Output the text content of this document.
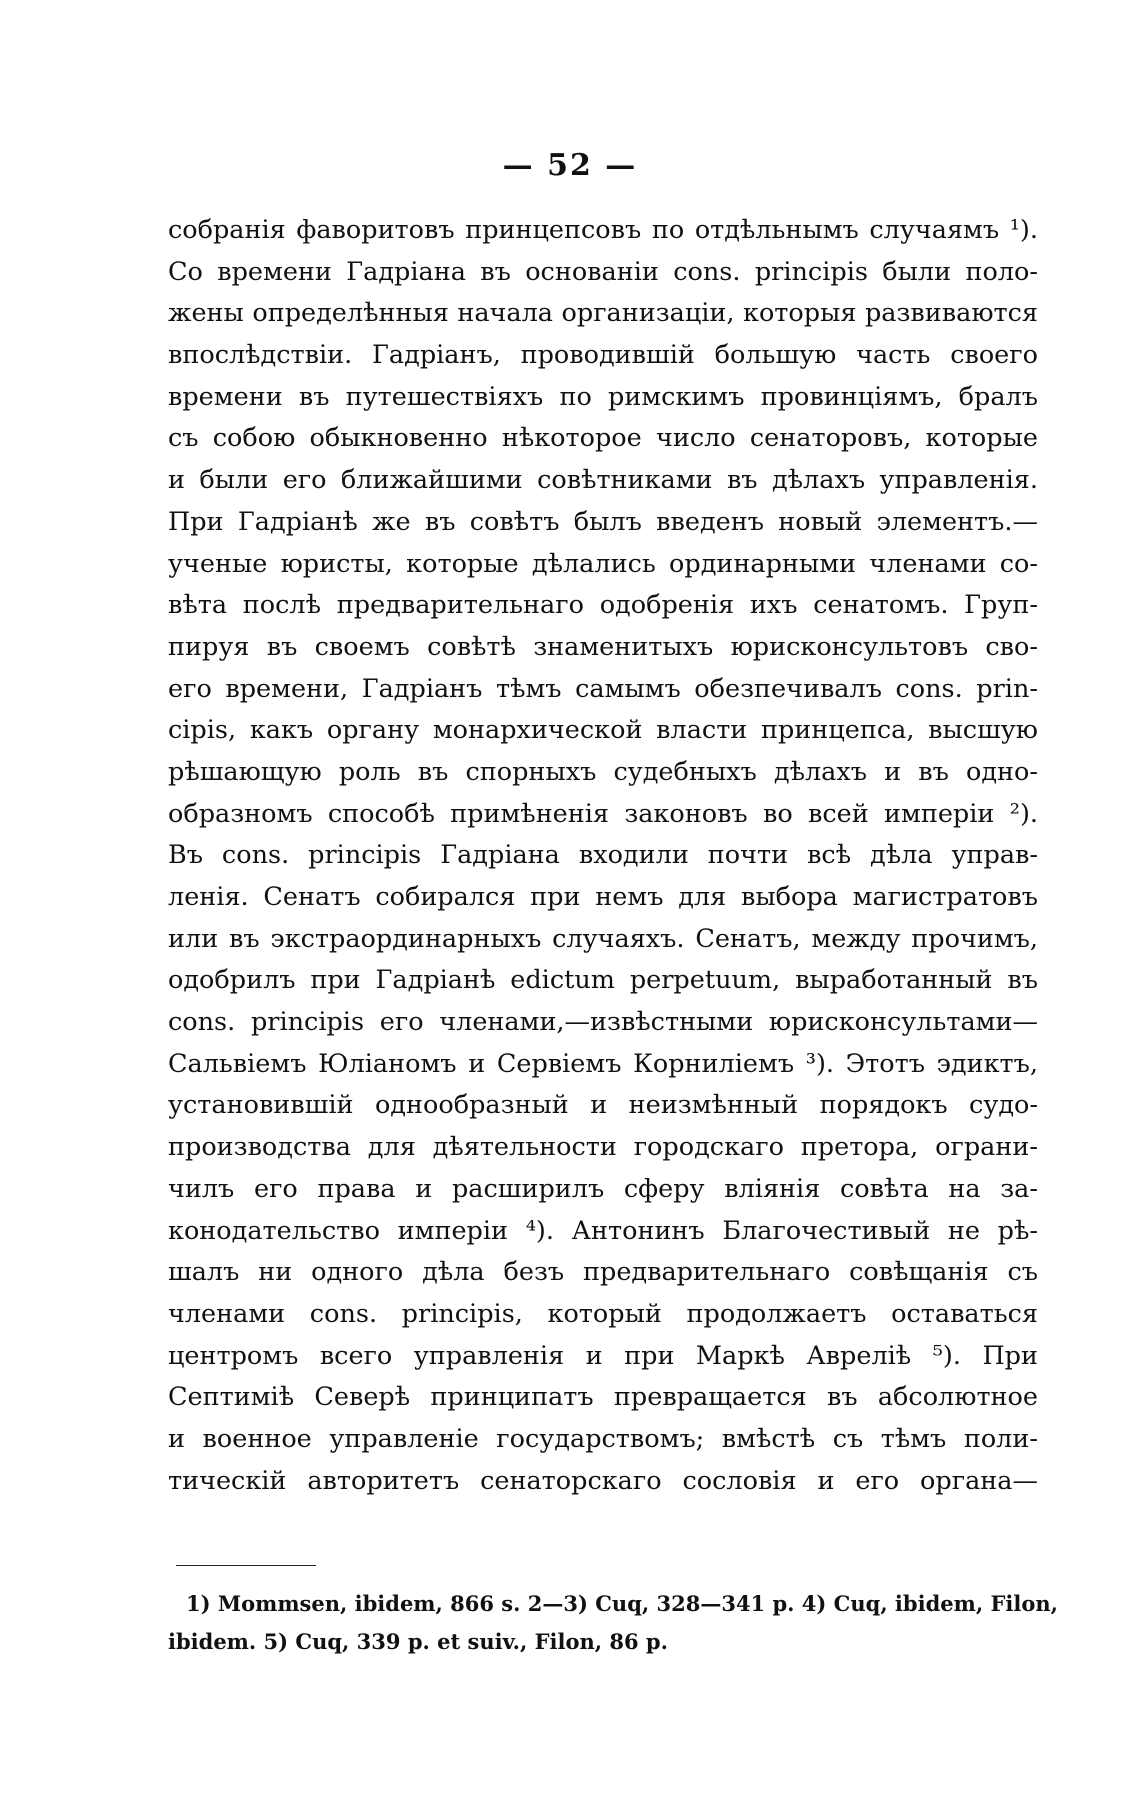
— 52 —
собранія фаворитовъ принцепсовъ по отдѣльнымъ случаямъ ¹).
Со времени Гадріана въ основаніи cons. principis были поло-
жены определѣнныя начала организаціи, которыя развиваются
впослѣдствіи. Гадріанъ, проводившій большую часть своего
времени въ путешествіяхъ по римскимъ провинціямъ, бралъ
съ собою обыкновенно нѣкоторое число сенаторовъ, которые
и были его ближайшими совѣтниками въ дѣлахъ управленія.
При Гадріанѣ же въ совѣтъ былъ введенъ новый элементъ.—
ученые юристы, которые дѣлались ординарными членами со-
вѣта послѣ предварительнаго одобренія ихъ сенатомъ. Груп-
пируя въ своемъ совѣтѣ знаменитыхъ юрисконсультовъ сво-
его времени, Гадріанъ тѣмъ самымъ обезпечивалъ cons. prin-
cipis, какъ органу монархической власти принцепса, высшую
рѣшающую роль въ спорныхъ судебныхъ дѣлахъ и въ одно-
образномъ способѣ примѣненія законовъ во всей имперіи ²).
Въ cons. principis Гадріана входили почти всѣ дѣла управ-
ленія. Сенатъ собирался при немъ для выбора магистратовъ
или въ экстраординарныхъ случаяхъ. Сенатъ, между прочимъ,
одобрилъ при Гадріанѣ edictum perpetuum, выработанный въ
cons. principis его членами,—извѣстными юрисконсультами—
Сальвіемъ Юліаномъ и Сервіемъ Корниліемъ ³). Этотъ эдиктъ,
установившій однообразный и неизмѣнный порядокъ судо-
производства для дѣятельности городскаго претора, ограни-
чилъ его права и расширилъ сферу вліянія совѣта на за-
конодательство имперіи ⁴). Антонинъ Благочестивый не рѣ-
шалъ ни одного дѣла безъ предварительнаго совѣщанія съ
членами cons. principis, который продолжаетъ оставаться
центромъ всего управленія и при Маркѣ Авреліѣ ⁵). При
Септиміѣ Северѣ принципатъ превращается въ абсолютное
и военное управленіе государствомъ; вмѣстѣ съ тѣмъ поли-
тическій авторитетъ сенаторскаго сословія и его органа—
1) Mommsen, ibidem, 866 s. 2—3) Cuq, 328—341 p. 4) Cuq, ibidem, Filon,
ibidem. 5) Cuq, 339 p. et suiv., Filon, 86 p.
